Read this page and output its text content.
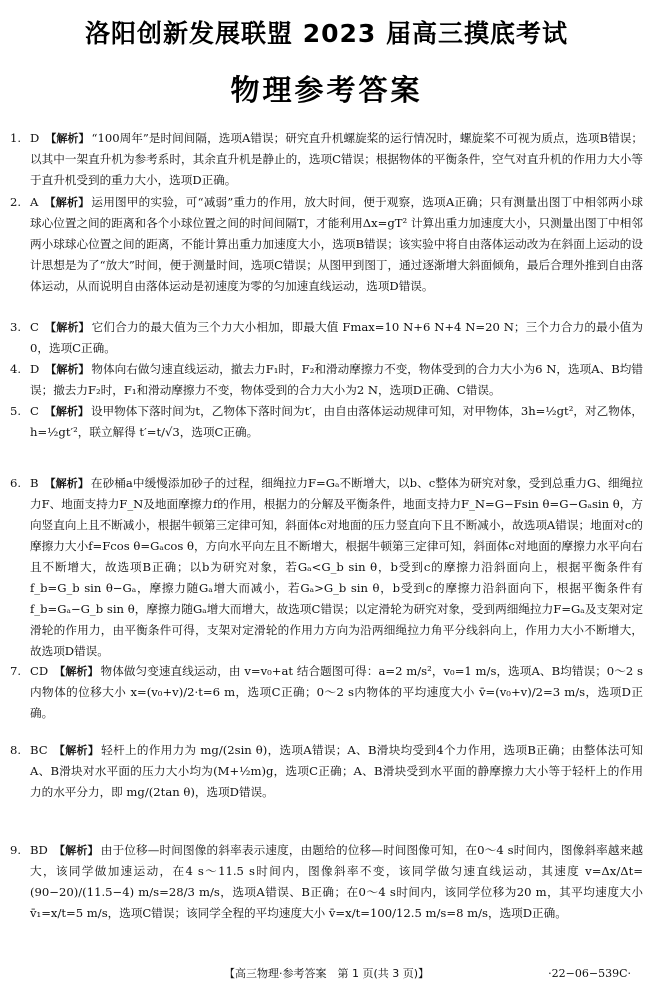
洛阳创新发展联盟 2023 届高三摸底考试
物理参考答案
1. D 【解析】 “100周年”是时间间隔，选项A错误；研究直升机螺旋桨的运行情况时，螺旋桨不可视为质点，选项B错误；以其中一架直升机为参考系时，其余直升机是静止的，选项C错误；根据物体的平衡条件，空气对直升机的作用力大小等于直升机受到的重力大小，选项D正确。
2. A 【解析】 运用图甲的实验，可“减弱”重力的作用，放大时间，便于观察，选项A正确；只有测量出图丁中相邻两小球球心位置之间的距离和各个小球位置之间的时间间隔T，才能利用Δx=gT² 计算出重力加速度大小，只测量出图丁中相邻两小球球心位置之间的距离，不能计算出重力加速度大小，选项B错误；该实验中将自由落体运动改为在斜面上运动的设计思想是为了“放大”时间，便于测量时间，选项C错误；从图甲到图丁，通过逐渐增大斜面倾角，最后合理外推到自由落体运动，从而说明自由落体运动是初速度为零的匀加速直线运动，选项D错误。
3. C 【解析】 它们合力的最大值为三个力大小相加，即最大值 Fmax=10 N+6 N+4 N=20 N；三个力合力的最小值为0，选项C正确。
4. D 【解析】 物体向右做匀速直线运动，撤去力F₁时，F₂和滑动摩擦力不变，物体受到的合力大小为6 N，选项A、B均错误；撤去力F₂时，F₁和滑动摩擦力不变，物体受到的合力大小为2 N，选项D正确、C错误。
5. C 【解析】 设甲物体下落时间为t，乙物体下落时间为t′，由自由落体运动规律可知，对甲物体，3h=½gt²，对乙物体，h=½gt′²，联立解得 t′=t/√3，选项C正确。
6. B 【解析】 在砂桶a中缓慢添加砂子的过程，细绳拉力F=Gₐ不断增大，以b、c整体为研究对象，受到总重力G、细绳拉力F、地面支持力F_N及地面摩擦力f的作用，根据力的分解及平衡条件，地面支持力F_N=G−Fsin θ=G−Gₐsin θ，方向竖直向上且不断减小，根据牛顿第三定律可知，斜面体c对地面的压力竖直向下且不断减小，故选项A错误；地面对c的摩擦力大小f=Fcos θ=Gₐcos θ，方向水平向左且不断增大，根据牛顿第三定律可知，斜面体c对地面的摩擦力水平向右且不断增大，故选项B正确；以b为研究对象，若Gₐ<G_b sin θ，b受到c的摩擦力沿斜面向上，根据平衡条件有 f_b=G_b sin θ−Gₐ，摩擦力随Gₐ增大而减小，若Gₐ>G_b sin θ，b受到c的摩擦力沿斜面向下，根据平衡条件有 f_b=Gₐ−G_b sin θ，摩擦力随Gₐ增大而增大，故选项C错误；以定滑轮为研究对象，受到两细绳拉力F=Gₐ及支架对定滑轮的作用力，由平衡条件可得，支架对定滑轮的作用力方向为沿两细绳拉力角平分线斜向上，作用力大小不断增大，故选项D错误。
7. CD 【解析】 物体做匀变速直线运动，由 v=v₀+at 结合题图可得：a=2 m/s²，v₀=1 m/s，选项A、B均错误；0～2 s内物体的位移大小 x=(v₀+v)/2·t=6 m，选项C正确；0～2 s内物体的平均速度大小 v̄=(v₀+v)/2=3 m/s，选项D正确。
8. BC 【解析】 轻杆上的作用力为 mg/(2sin θ)，选项A错误；A、B滑块均受到4个力作用，选项B正确；由整体法可知A、B滑块对水平面的压力大小均为(M+½m)g，选项C正确；A、B滑块受到水平面的静摩擦力大小等于轻杆上的作用力的水平分力，即 mg/(2tan θ)，选项D错误。
9. BD 【解析】 由于位移—时间图像的斜率表示速度，由题给的位移—时间图像可知，在0～4 s时间内，图像斜率越来越大，该同学做加速运动，在4 s～11.5 s时间内，图像斜率不变，该同学做匀速直线运动，其速度 v=Δx/Δt=(90−20)/(11.5−4) m/s=28/3 m/s，选项A错误、B正确；在0～4 s时间内，该同学位移为20 m，其平均速度大小 v̄₁=x/t=5 m/s，选项C错误；该同学全程的平均速度大小 v̄=x/t=100/12.5 m/s=8 m/s，选项D正确。
【高三物理·参考答案　第 1 页(共 3 页)】	·22−06−539C·
